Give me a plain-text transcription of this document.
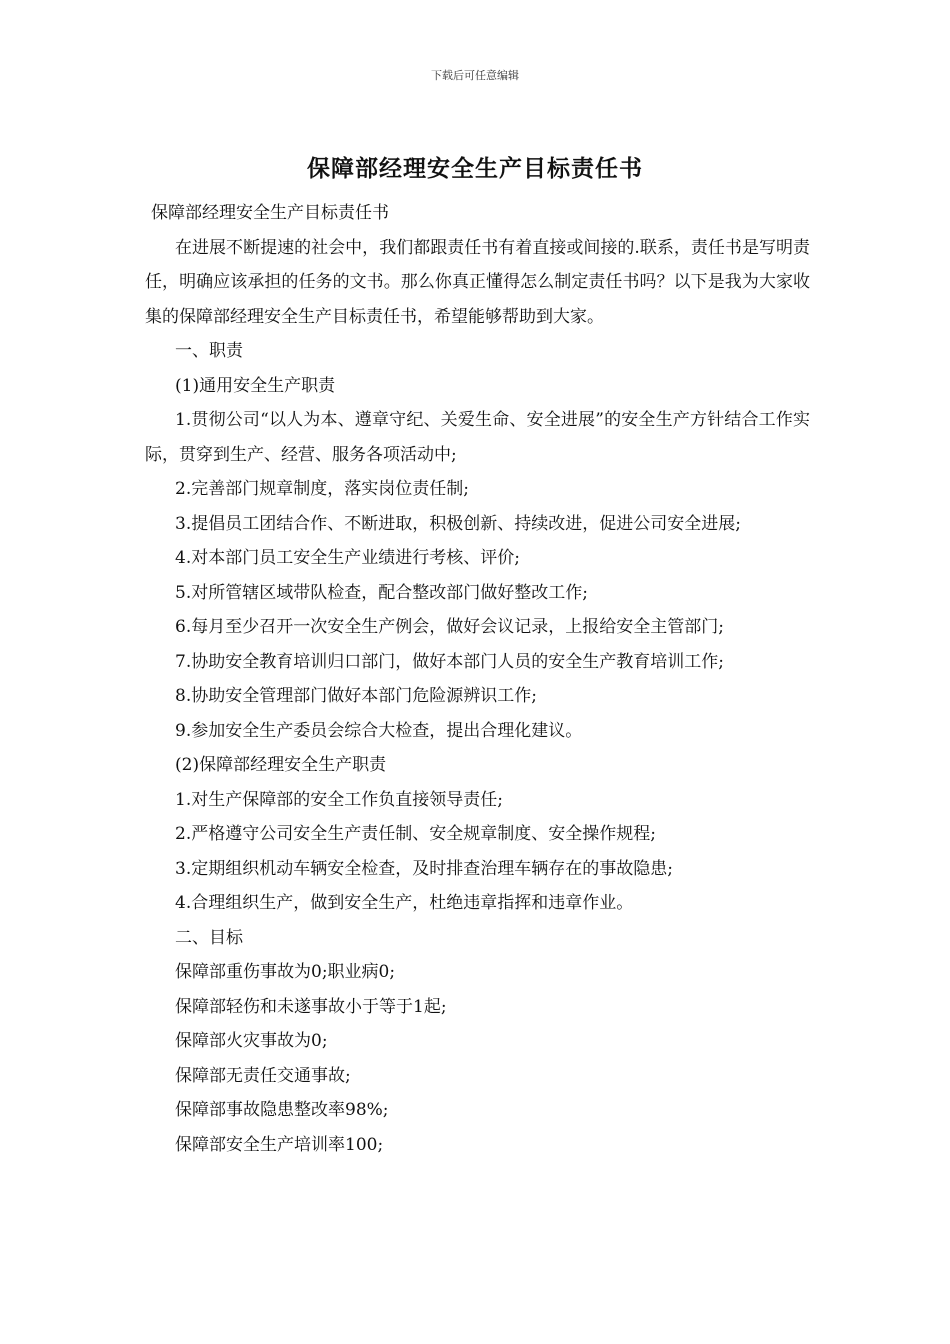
下载后可任意编辑
保障部经理安全生产目标责任书

保障部经理安全生产目标责任书

在进展不断提速的社会中，我们都跟责任书有着直接或间接的.联系，责任书是写明责任，明确应该承担的任务的文书。那么你真正懂得怎么制定责任书吗？以下是我为大家收集的保障部经理安全生产目标责任书，希望能够帮助到大家。

一、职责

(1)通用安全生产职责

1.贯彻公司“以人为本、遵章守纪、关爱生命、安全进展”的安全生产方针结合工作实际，贯穿到生产、经营、服务各项活动中;

2.完善部门规章制度，落实岗位责任制;

3.提倡员工团结合作、不断进取，积极创新、持续改进，促进公司安全进展;

4.对本部门员工安全生产业绩进行考核、评价;

5.对所管辖区域带队检查，配合整改部门做好整改工作;

6.每月至少召开一次安全生产例会，做好会议记录，上报给安全主管部门;

7.协助安全教育培训归口部门，做好本部门人员的安全生产教育培训工作;

8.协助安全管理部门做好本部门危险源辨识工作;

9.参加安全生产委员会综合大检查，提出合理化建议。

(2)保障部经理安全生产职责

1.对生产保障部的安全工作负直接领导责任;

2.严格遵守公司安全生产责任制、安全规章制度、安全操作规程;

3.定期组织机动车辆安全检查，及时排查治理车辆存在的事故隐患;

4.合理组织生产，做到安全生产，杜绝违章指挥和违章作业。

二、目标

保障部重伤事故为0;职业病0;

保障部轻伤和未遂事故小于等于1起;

保障部火灾事故为0;

保障部无责任交通事故;

保障部事故隐患整改率98%;

保障部安全生产培训率100;
